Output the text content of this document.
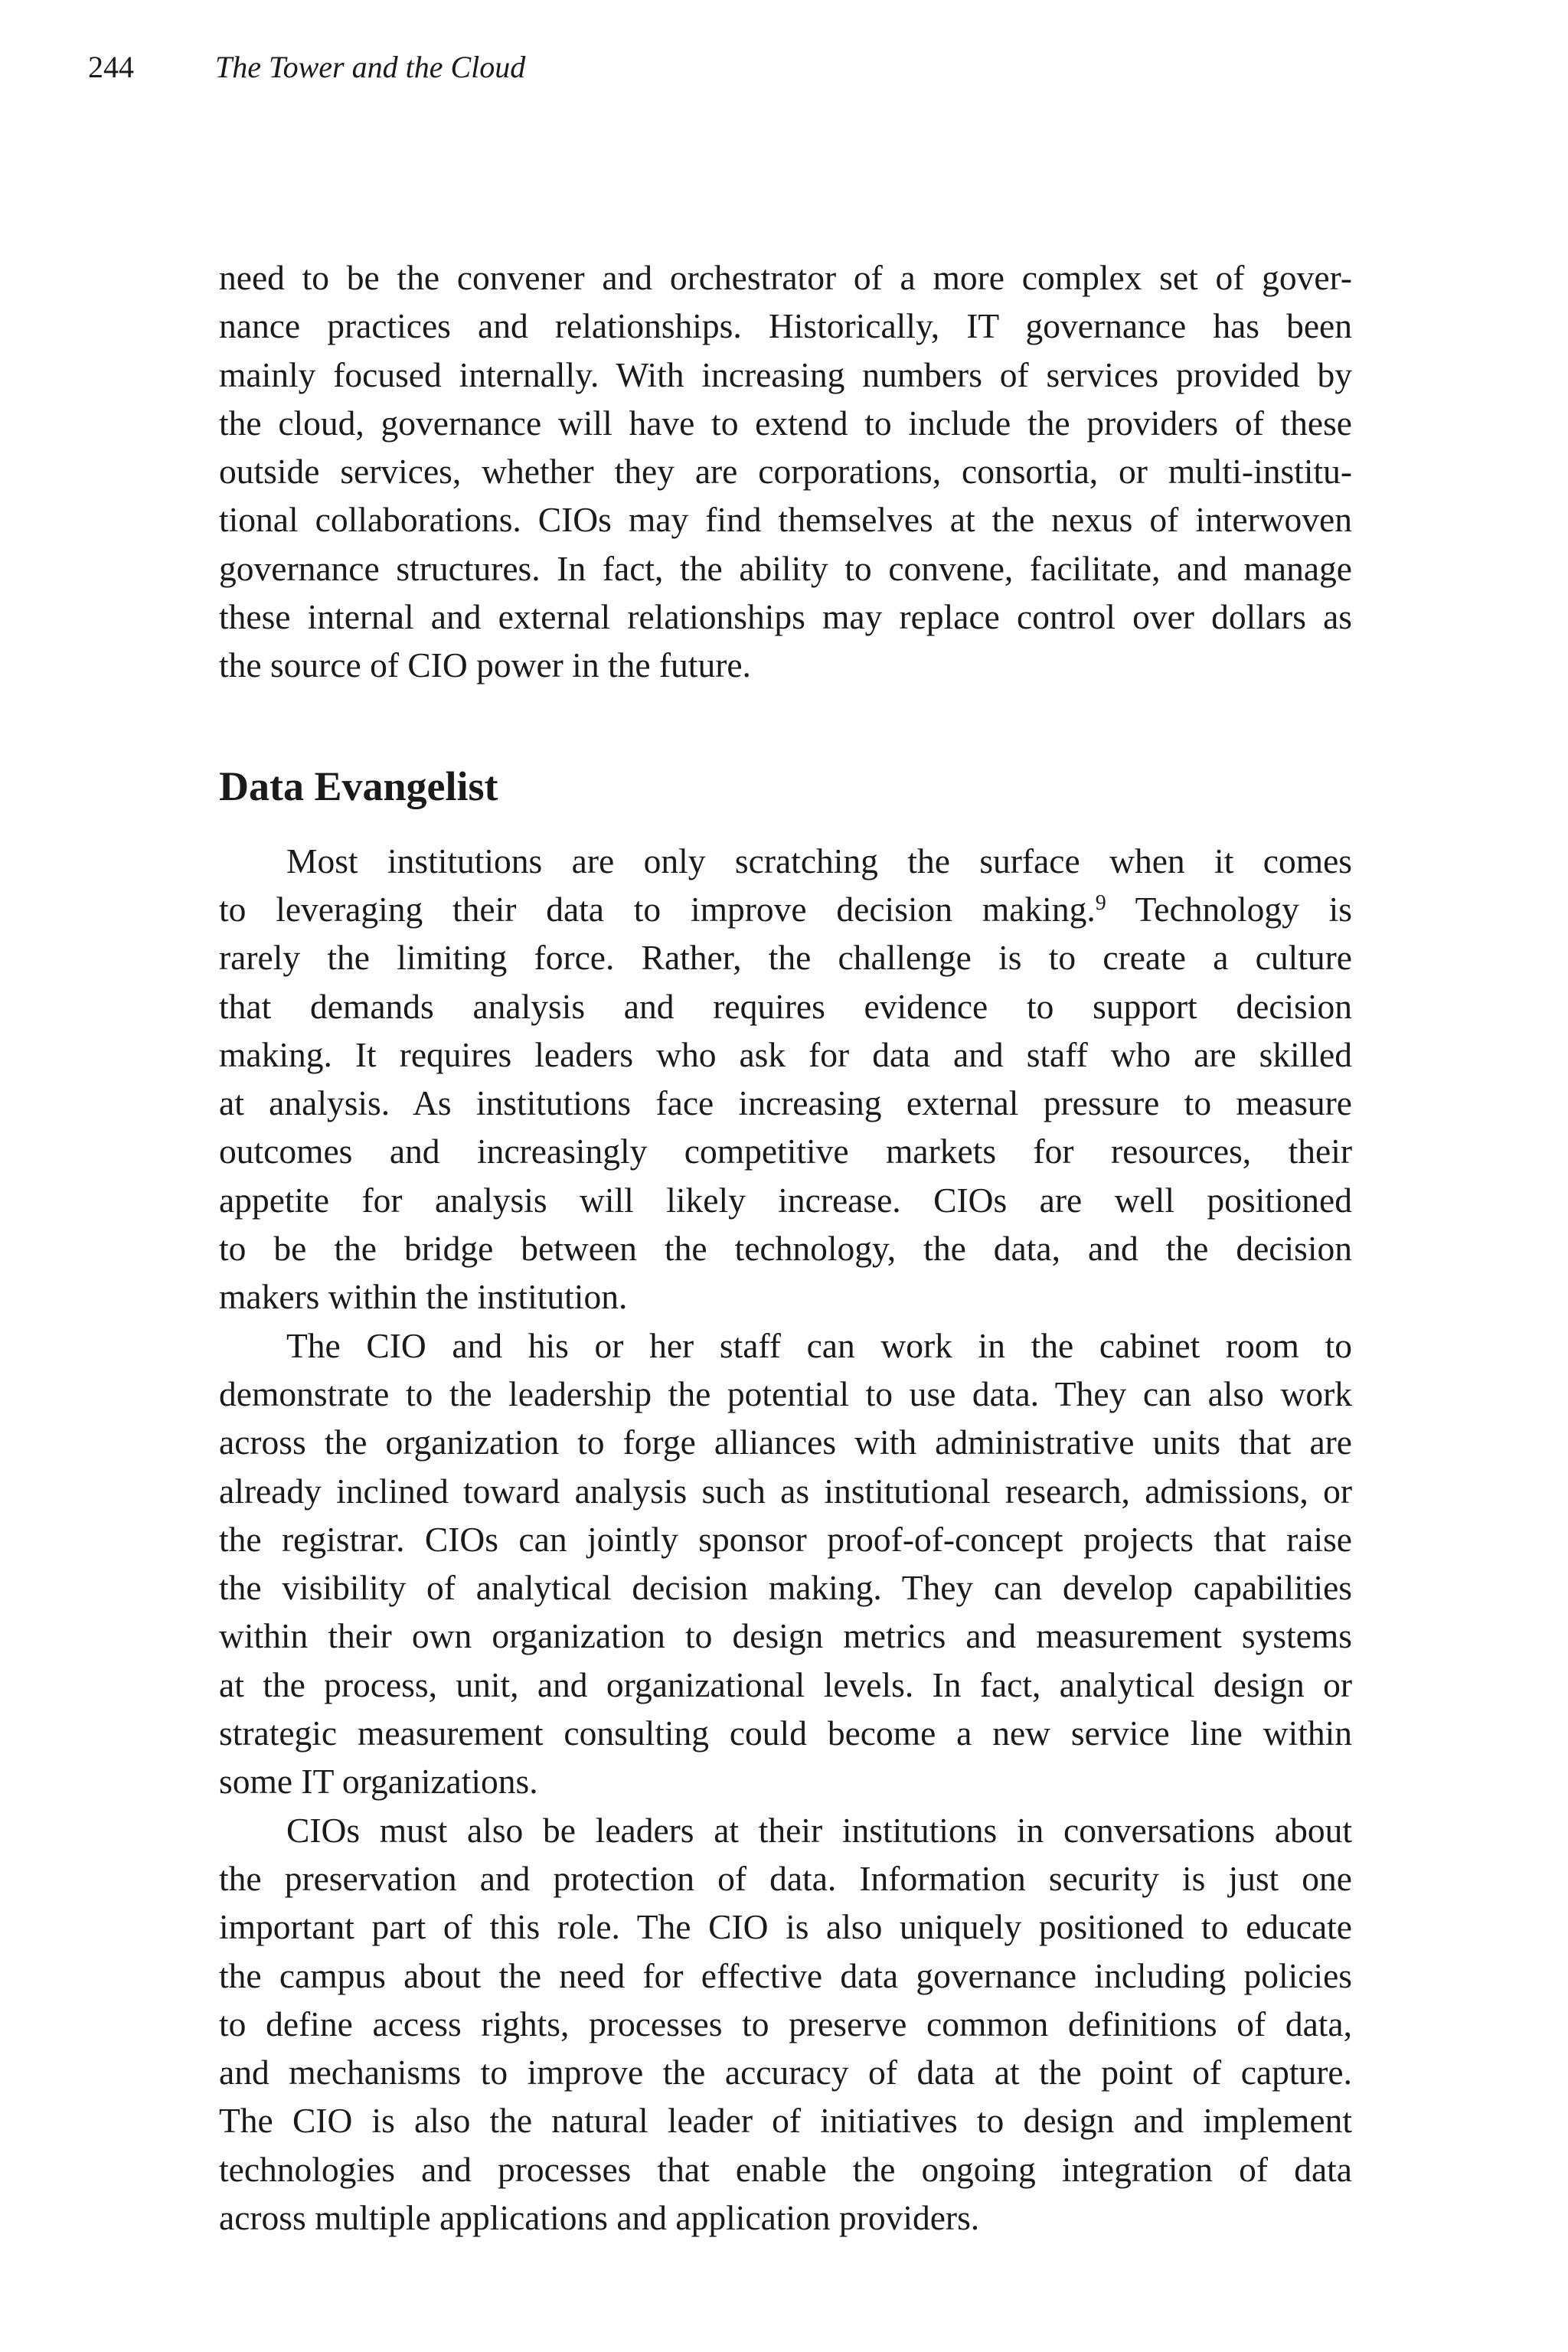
244	The Tower and the Cloud
need to be the convener and orchestrator of a more complex set of gover-
nance practices and relationships. Historically, IT governance has been
mainly focused internally. With increasing numbers of services provided by
the cloud, governance will have to extend to include the providers of these
outside services, whether they are corporations, consortia, or multi-institu-
tional collaborations. CIOs may find themselves at the nexus of interwoven
governance structures. In fact, the ability to convene, facilitate, and manage
these internal and external relationships may replace control over dollars as
the source of CIO power in the future.
Data Evangelist
Most institutions are only scratching the surface when it comes
to leveraging their data to improve decision making.$^9$ Technology is
rarely the limiting force. Rather, the challenge is to create a culture
that demands analysis and requires evidence to support decision
making. It requires leaders who ask for data and staff who are skilled
at analysis. As institutions face increasing external pressure to measure
outcomes and increasingly competitive markets for resources, their
appetite for analysis will likely increase. CIOs are well positioned
to be the bridge between the technology, the data, and the decision
makers within the institution.
The CIO and his or her staff can work in the cabinet room to
demonstrate to the leadership the potential to use data. They can also work
across the organization to forge alliances with administrative units that are
already inclined toward analysis such as institutional research, admissions, or
the registrar. CIOs can jointly sponsor proof-of-concept projects that raise
the visibility of analytical decision making. They can develop capabilities
within their own organization to design metrics and measurement systems
at the process, unit, and organizational levels. In fact, analytical design or
strategic measurement consulting could become a new service line within
some IT organizations.
CIOs must also be leaders at their institutions in conversations about
the preservation and protection of data. Information security is just one
important part of this role. The CIO is also uniquely positioned to educate
the campus about the need for effective data governance including policies
to define access rights, processes to preserve common definitions of data,
and mechanisms to improve the accuracy of data at the point of capture.
The CIO is also the natural leader of initiatives to design and implement
technologies and processes that enable the ongoing integration of data
across multiple applications and application providers.
